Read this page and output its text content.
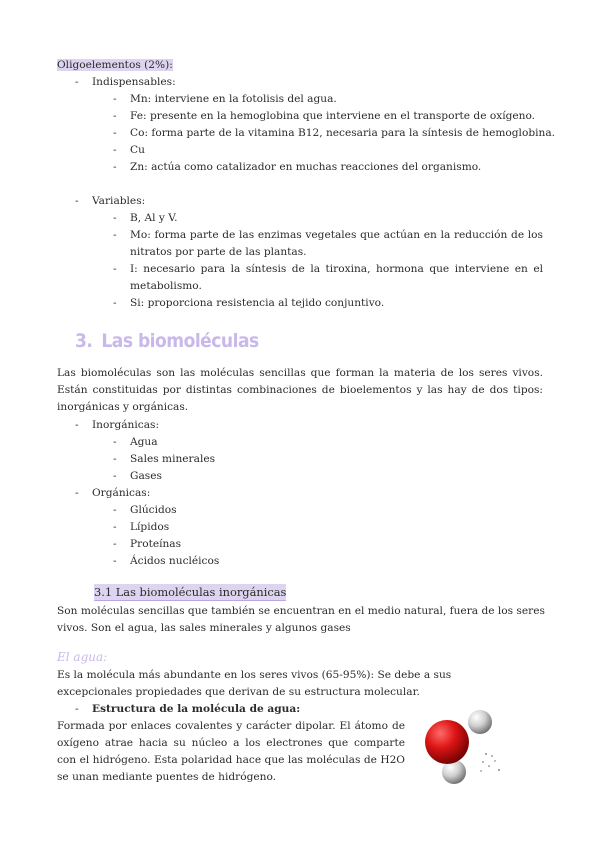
Oligoelementos (2%):
- Indispensables:
- Mn: interviene en la fotolisis del agua.
- Fe: presente en la hemoglobina que interviene en el transporte de oxígeno.
- Co: forma parte de la vitamina B12, necesaria para la síntesis de hemoglobina.
- Cu
- Zn: actúa como catalizador en muchas reacciones del organismo.
- Variables:
- B, Al y V.
- Mo: forma parte de las enzimas vegetales que actúan en la reducción de los nitratos por parte de las plantas.
- I: necesario para la síntesis de la tiroxina, hormona que interviene en el metabolismo.
- Si: proporciona resistencia al tejido conjuntivo.
3. Las biomoléculas
Las biomoléculas son las moléculas sencillas que forman la materia de los seres vivos. Están constituidas por distintas combinaciones de bioelementos y las hay de dos tipos: inorgánicas y orgánicas.
- Inorgánicas:
- Agua
- Sales minerales
- Gases
- Orgánicas:
- Glúcidos
- Lípidos
- Proteínas
- Ácidos nucléicos
3.1 Las biomoléculas inorgánicas
Son moléculas sencillas que también se encuentran en el medio natural, fuera de los seres vivos. Son el agua, las sales minerales y algunos gases
El agua:
Es la molécula más abundante en los seres vivos (65-95%): Se debe a sus excepcionales propiedades que derivan de su estructura molecular.
- Estructura de la molécula de agua:
Formada por enlaces covalentes y carácter dipolar. El átomo de oxígeno atrae hacia su núcleo a los electrones que comparte con el hidrógeno. Esta polaridad hace que las moléculas de H2O se unan mediante puentes de hidrógeno.
